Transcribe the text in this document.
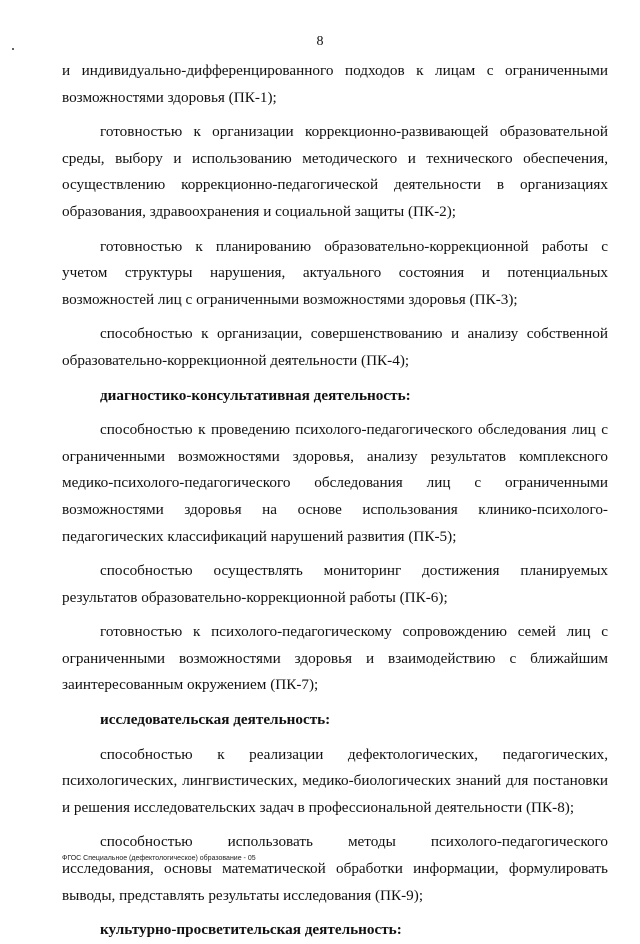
8

и индивидуально-дифференцированного подходов к лицам с ограниченными возможностями здоровья (ПК-1);

готовностью к организации коррекционно-развивающей образовательной среды, выбору и использованию методического и технического обеспечения, осуществлению коррекционно-педагогической деятельности в организациях образования, здравоохранения и социальной защиты (ПК-2);

готовностью к планированию образовательно-коррекционной работы с учетом структуры нарушения, актуального состояния и потенциальных возможностей лиц с ограниченными возможностями здоровья (ПК-3);

способностью к организации, совершенствованию и анализу собственной образовательно-коррекционной деятельности (ПК-4);

диагностико-консультативная деятельность:

способностью к проведению психолого-педагогического обследования лиц с ограниченными возможностями здоровья, анализу результатов комплексного медико-психолого-педагогического обследования лиц с ограниченными возможностями здоровья на основе использования клинико-психолого-педагогических классификаций нарушений развития (ПК-5);

способностью осуществлять мониторинг достижения планируемых результатов образовательно-коррекционной работы (ПК-6);

готовностью к психолого-педагогическому сопровождению семей лиц с ограниченными возможностями здоровья и взаимодействию с ближайшим заинтересованным окружением (ПК-7);

исследовательская деятельность:

способностью к реализации дефектологических, педагогических, психологических, лингвистических, медико-биологических знаний для постановки и решения исследовательских задач в профессиональной деятельности (ПК-8);

способностью использовать методы психолого-педагогического исследования, основы математической обработки информации, формулировать выводы, представлять результаты исследования (ПК-9);

культурно-просветительская деятельность:

ФГОС Специальное (дефектологическое) образование - 05
